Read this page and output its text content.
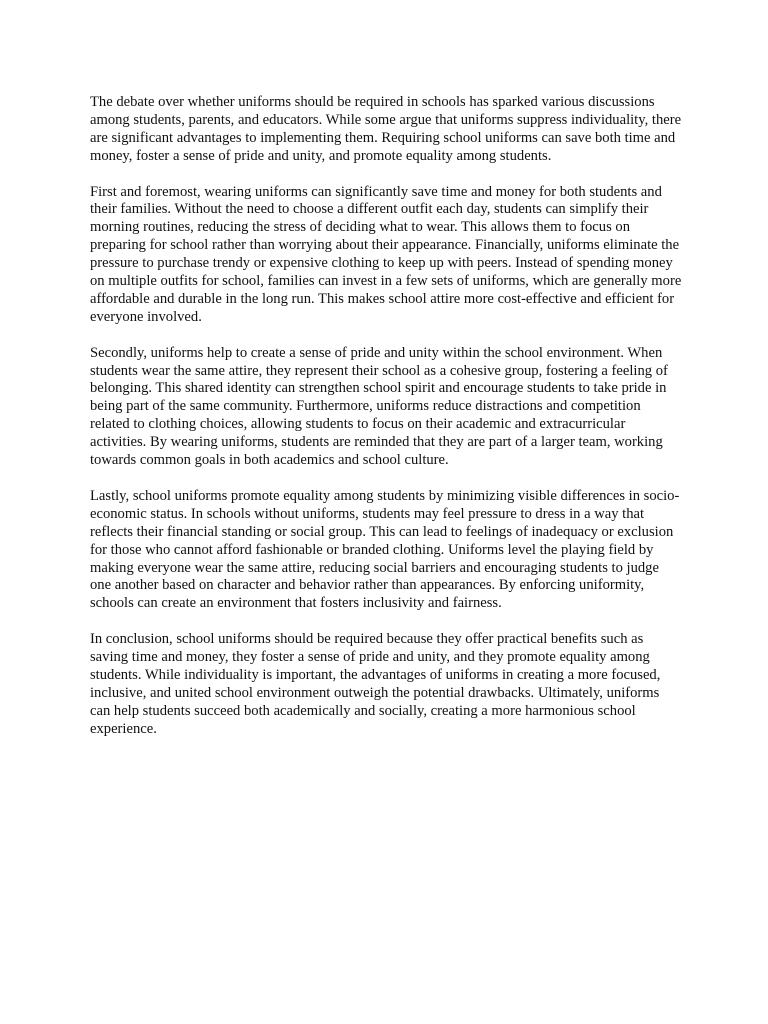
The debate over whether uniforms should be required in schools has sparked various discussions among students, parents, and educators. While some argue that uniforms suppress individuality, there are significant advantages to implementing them. Requiring school uniforms can save both time and money, foster a sense of pride and unity, and promote equality among students.

First and foremost, wearing uniforms can significantly save time and money for both students and their families. Without the need to choose a different outfit each day, students can simplify their morning routines, reducing the stress of deciding what to wear. This allows them to focus on preparing for school rather than worrying about their appearance. Financially, uniforms eliminate the pressure to purchase trendy or expensive clothing to keep up with peers. Instead of spending money on multiple outfits for school, families can invest in a few sets of uniforms, which are generally more affordable and durable in the long run. This makes school attire more cost-effective and efficient for everyone involved.

Secondly, uniforms help to create a sense of pride and unity within the school environment. When students wear the same attire, they represent their school as a cohesive group, fostering a feeling of belonging. This shared identity can strengthen school spirit and encourage students to take pride in being part of the same community. Furthermore, uniforms reduce distractions and competition related to clothing choices, allowing students to focus on their academic and extracurricular activities. By wearing uniforms, students are reminded that they are part of a larger team, working towards common goals in both academics and school culture.

Lastly, school uniforms promote equality among students by minimizing visible differences in socio-economic status. In schools without uniforms, students may feel pressure to dress in a way that reflects their financial standing or social group. This can lead to feelings of inadequacy or exclusion for those who cannot afford fashionable or branded clothing. Uniforms level the playing field by making everyone wear the same attire, reducing social barriers and encouraging students to judge one another based on character and behavior rather than appearances. By enforcing uniformity, schools can create an environment that fosters inclusivity and fairness.

In conclusion, school uniforms should be required because they offer practical benefits such as saving time and money, they foster a sense of pride and unity, and they promote equality among students. While individuality is important, the advantages of uniforms in creating a more focused, inclusive, and united school environment outweigh the potential drawbacks. Ultimately, uniforms can help students succeed both academically and socially, creating a more harmonious school experience.
